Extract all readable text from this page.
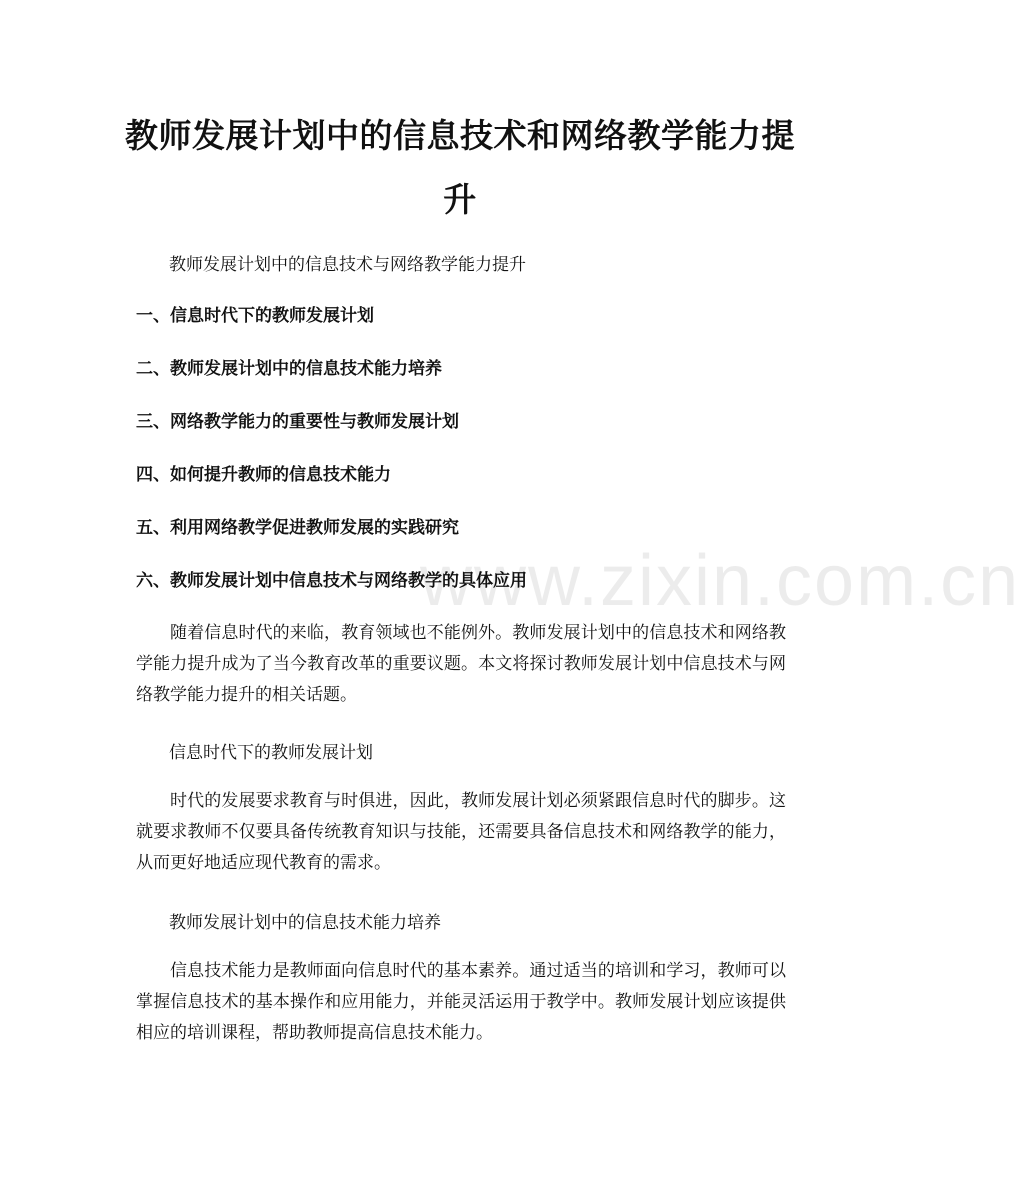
教师发展计划中的信息技术和网络教学能力提升

教师发展计划中的信息技术与网络教学能力提升

一、信息时代下的教师发展计划
二、教师发展计划中的信息技术能力培养
三、网络教学能力的重要性与教师发展计划
四、如何提升教师的信息技术能力
五、利用网络教学促进教师发展的实践研究
六、教师发展计划中信息技术与网络教学的具体应用

随着信息时代的来临，教育领域也不能例外。教师发展计划中的信息技术和网络教学能力提升成为了当今教育改革的重要议题。本文将探讨教师发展计划中信息技术与网络教学能力提升的相关话题。

信息时代下的教师发展计划

时代的发展要求教育与时俱进，因此，教师发展计划必须紧跟信息时代的脚步。这就要求教师不仅要具备传统教育知识与技能，还需要具备信息技术和网络教学的能力，从而更好地适应现代教育的需求。

教师发展计划中的信息技术能力培养

信息技术能力是教师面向信息时代的基本素养。通过适当的培训和学习，教师可以掌握信息技术的基本操作和应用能力，并能灵活运用于教学中。教师发展计划应该提供相应的培训课程，帮助教师提高信息技术能力。

www.zixin.com.cn
